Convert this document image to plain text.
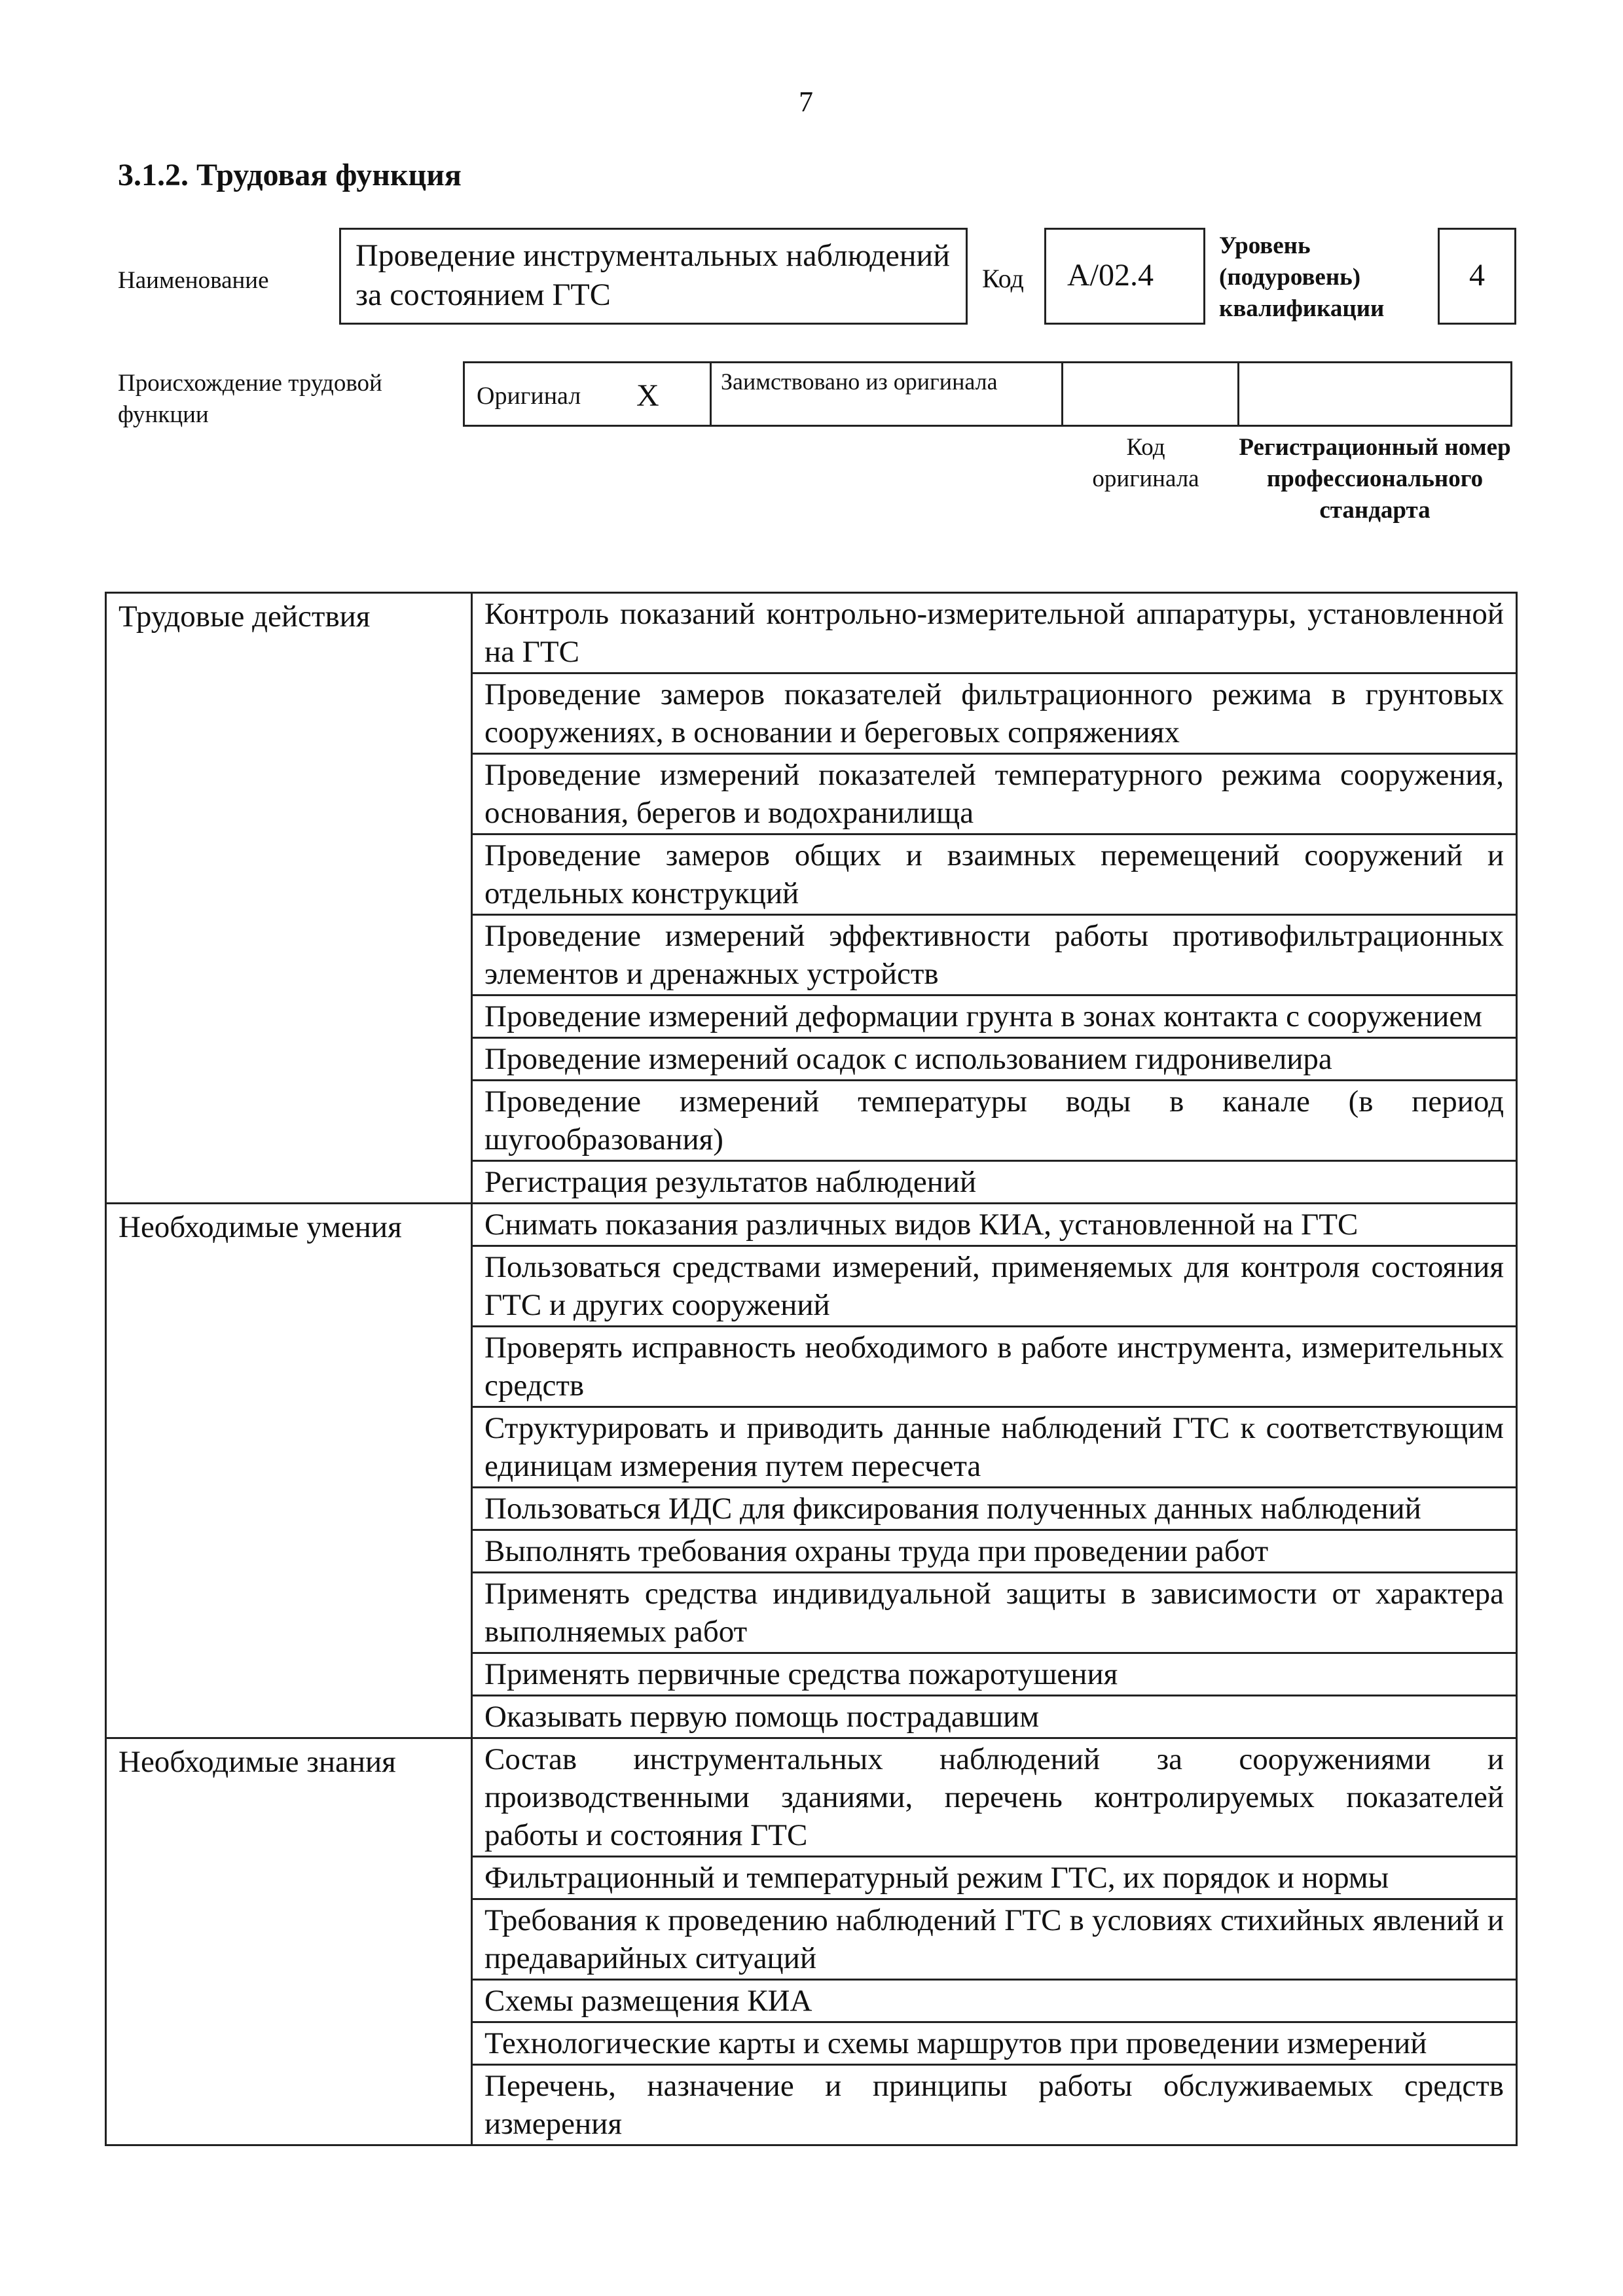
7
3.1.2. Трудовая функция
Наименование
Проведение инструментальных наблюдений за состоянием ГТС	Код	А/02.4
Уровень (подуровень) квалификации
4
Происхождение трудовой функции
Оригинал X	Заимствовано из оригинала
Код оригинала
Регистрационный номер профессионального стандарта
Трудовые действия	Контроль показаний контрольно-измерительной аппаратуры, установленной на ГТС
	Проведение замеров показателей фильтрационного режима в грунтовых сооружениях, в основании и береговых сопряжениях
	Проведение измерений показателей температурного режима сооружения, основания, берегов и водохранилища
	Проведение замеров общих и взаимных перемещений сооружений и отдельных конструкций
	Проведение измерений эффективности работы противофильтрационных элементов и дренажных устройств
	Проведение измерений деформации грунта в зонах контакта с сооружением
	Проведение измерений осадок с использованием гидронивелира
	Проведение измерений температуры воды в канале (в период шугообразования)
	Регистрация результатов наблюдений
Необходимые умения	Снимать показания различных видов КИА, установленной на ГТС
	Пользоваться средствами измерений, применяемых для контроля состояния ГТС и других сооружений
	Проверять исправность необходимого в работе инструмента, измерительных средств
	Структурировать и приводить данные наблюдений ГТС к соответствующим единицам измерения путем пересчета
	Пользоваться ИДС для фиксирования полученных данных наблюдений
	Выполнять требования охраны труда при проведении работ
	Применять средства индивидуальной защиты в зависимости от характера выполняемых работ
	Применять первичные средства пожаротушения
	Оказывать первую помощь пострадавшим
Необходимые знания	Состав инструментальных наблюдений за сооружениями и производственными зданиями, перечень контролируемых показателей работы и состояния ГТС
	Фильтрационный и температурный режим ГТС, их порядок и нормы
	Требования к проведению наблюдений ГТС в условиях стихийных явлений и предаварийных ситуаций
	Схемы размещения КИА
	Технологические карты и схемы маршрутов при проведении измерений
	Перечень, назначение и принципы работы обслуживаемых средств измерения
